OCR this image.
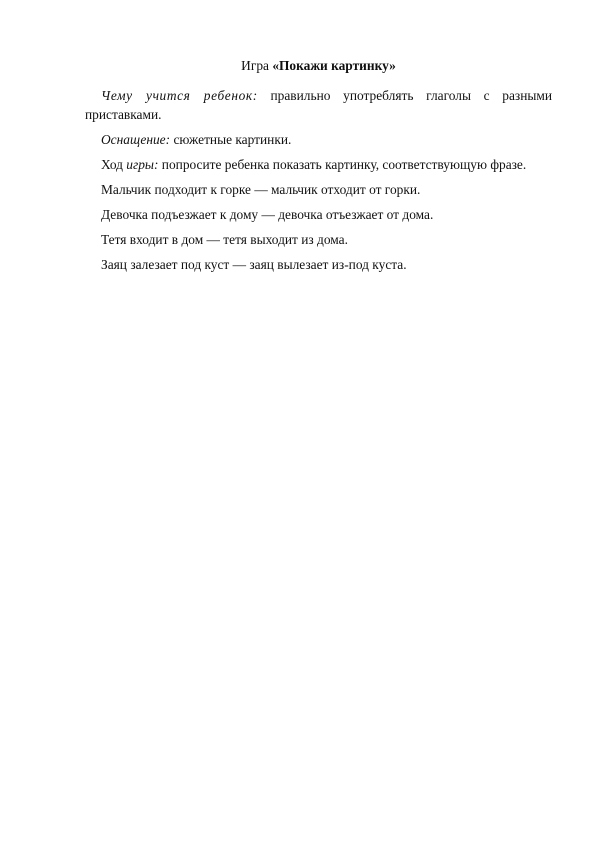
Игра «Покажи картинку»

Чему учится ребенок: правильно употреблять глаголы с разными приставками.

Оснащение: сюжетные картинки.

Ход игры: попросите ребенка показать картинку, соответствующую фразе.

Мальчик подходит к горке — мальчик отходит от горки.

Девочка подъезжает к дому — девочка отъезжает от дома.

Тетя входит в дом — тетя выходит из дома.

Заяц залезает под куст — заяц вылезает из-под куста.
